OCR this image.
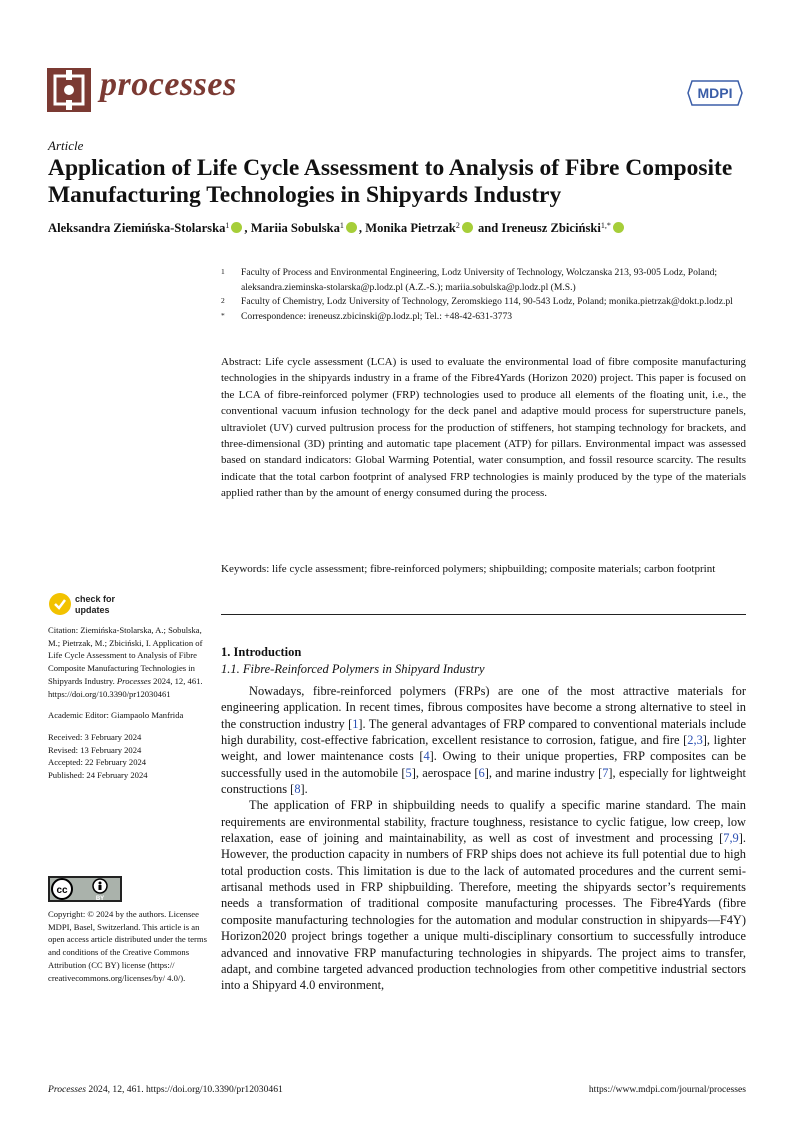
processes	MDPI
Article
Application of Life Cycle Assessment to Analysis of Fibre Composite Manufacturing Technologies in Shipyards Industry
Aleksandra Ziemińska-Stolarska$^1$ , Mariia Sobulska$^1$ , Monika Pietrzak$^2$ and Ireneusz Zbiciński$^{1,*}$
1 Faculty of Process and Environmental Engineering, Lodz University of Technology, Wolczanska 213, 93-005 Lodz, Poland; aleksandra.zieminska-stolarska@p.lodz.pl (A.Z.-S.); mariia.sobulska@p.lodz.pl (M.S.)
2 Faculty of Chemistry, Lodz University of Technology, Zeromskiego 114, 90-543 Lodz, Poland; monika.pietrzak@dokt.p.lodz.pl
* Correspondence: ireneusz.zbicinski@p.lodz.pl; Tel.: +48-42-631-3773
Abstract: Life cycle assessment (LCA) is used to evaluate the environmental load of fibre composite manufacturing technologies in the shipyards industry in a frame of the Fibre4Yards (Horizon 2020) project. This paper is focused on the LCA of fibre-reinforced polymer (FRP) technologies used to produce all elements of the floating unit, i.e., the conventional vacuum infusion technology for the deck panel and adaptive mould process for superstructure panels, ultraviolet (UV) curved pultrusion process for the production of stiffeners, hot stamping technology for brackets, and three-dimensional (3D) printing and automatic tape placement (ATP) for pillars. Environmental impact was assessed based on standard indicators: Global Warming Potential, water consumption, and fossil resource scarcity. The results indicate that the total carbon footprint of analysed FRP technologies is mainly produced by the type of the materials applied rather than by the amount of energy consumed during the process.
Keywords: life cycle assessment; fibre-reinforced polymers; shipbuilding; composite materials; carbon footprint
check for
updates

Citation: Ziemińska-Stolarska, A.; Sobulska, M.; Pietrzak, M.; Zbiciński, I. Application of Life Cycle Assessment to Analysis of Fibre Composite Manufacturing Technologies in Shipyards Industry. Processes 2024, 12, 461. https://doi.org/10.3390/pr12030461

Academic Editor: Giampaolo Manfrida

Received: 3 February 2024

Revised: 13 February 2024

Accepted: 22 February 2024

Published: 24 February 2024

cc
BY
Copyright: © 2024 by the authors. Licensee MDPI, Basel, Switzerland. This article is an open access article distributed under the terms and conditions of the Creative Commons Attribution (CC BY) license (https:// creativecommons.org/licenses/by/ 4.0/).
1. Introduction
1.1. Fibre-Reinforced Polymers in Shipyard Industry

Nowadays, fibre-reinforced polymers (FRPs) are one of the most attractive materials for engineering application. In recent times, fibrous composites have become a strong alternative to steel in the construction industry [1]. The general advantages of FRP compared to conventional materials include high durability, cost-effective fabrication, excellent resistance to corrosion, fatigue, and fire [2,3], lighter weight, and lower maintenance costs [4]. Owing to their unique properties, FRP composites can be successfully used in the automobile [5], aerospace [6], and marine industry [7], especially for lightweight constructions [8].

The application of FRP in shipbuilding needs to qualify a specific marine standard. The main requirements are environmental stability, fracture toughness, resistance to cyclic fatigue, low creep, low relaxation, ease of joining and maintainability, as well as cost of investment and processing [7,9]. However, the production capacity in numbers of FRP ships does not achieve its full potential due to high total production costs. This limitation is due to the lack of automated procedures and the current semi-artisanal methods used in FRP shipbuilding. Therefore, meeting the shipyards sector’s requirements needs a transformation of traditional composite manufacturing processes. The Fibre4Yards (fibre composite manufacturing technologies for the automation and modular construction in shipyards—F4Y) Horizon2020 project brings together a unique multi-disciplinary consortium to successfully introduce advanced and innovative FRP manufacturing technologies in shipyards. The project aims to transfer, adapt, and combine targeted advanced production technologies from other competitive industrial sectors into a Shipyard 4.0 environment,

Processes 2024, 12, 461. https://doi.org/10.3390/pr12030461	https://www.mdpi.com/journal/processes
